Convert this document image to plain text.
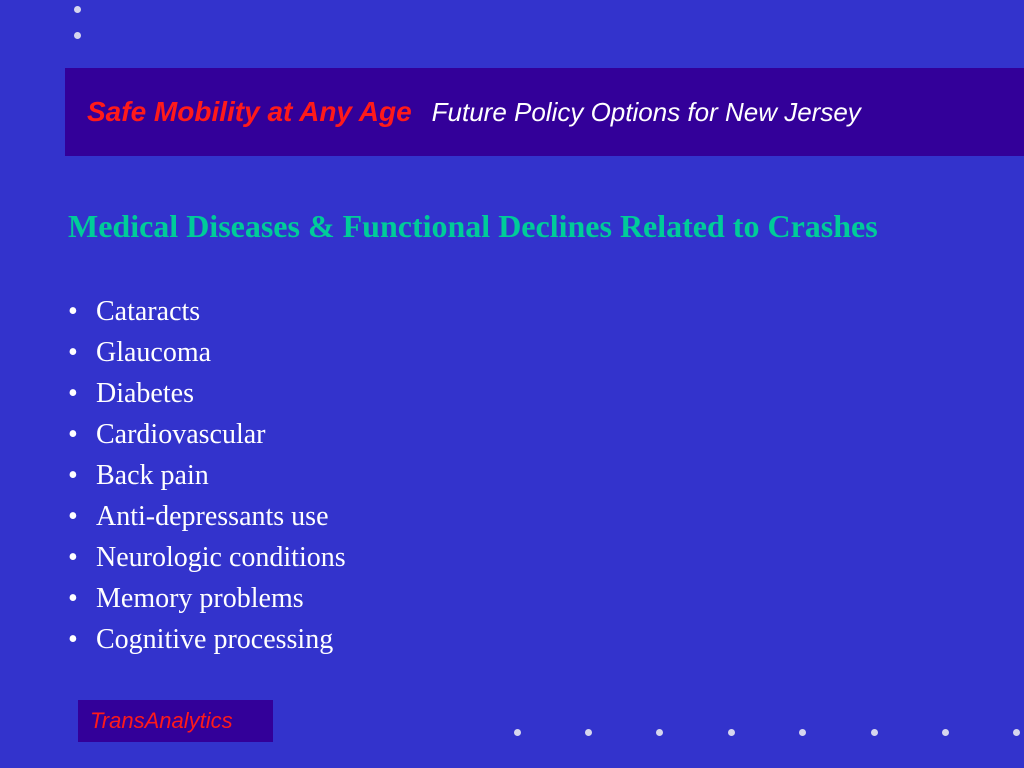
Safe Mobility at Any Age Future Policy Options for New Jersey
Medical Diseases & Functional Declines Related to Crashes
• Cataracts
• Glaucoma
• Diabetes
• Cardiovascular
• Back pain
• Anti-depressants use
• Neurologic conditions
• Memory problems
• Cognitive processing
TransAnalytics
